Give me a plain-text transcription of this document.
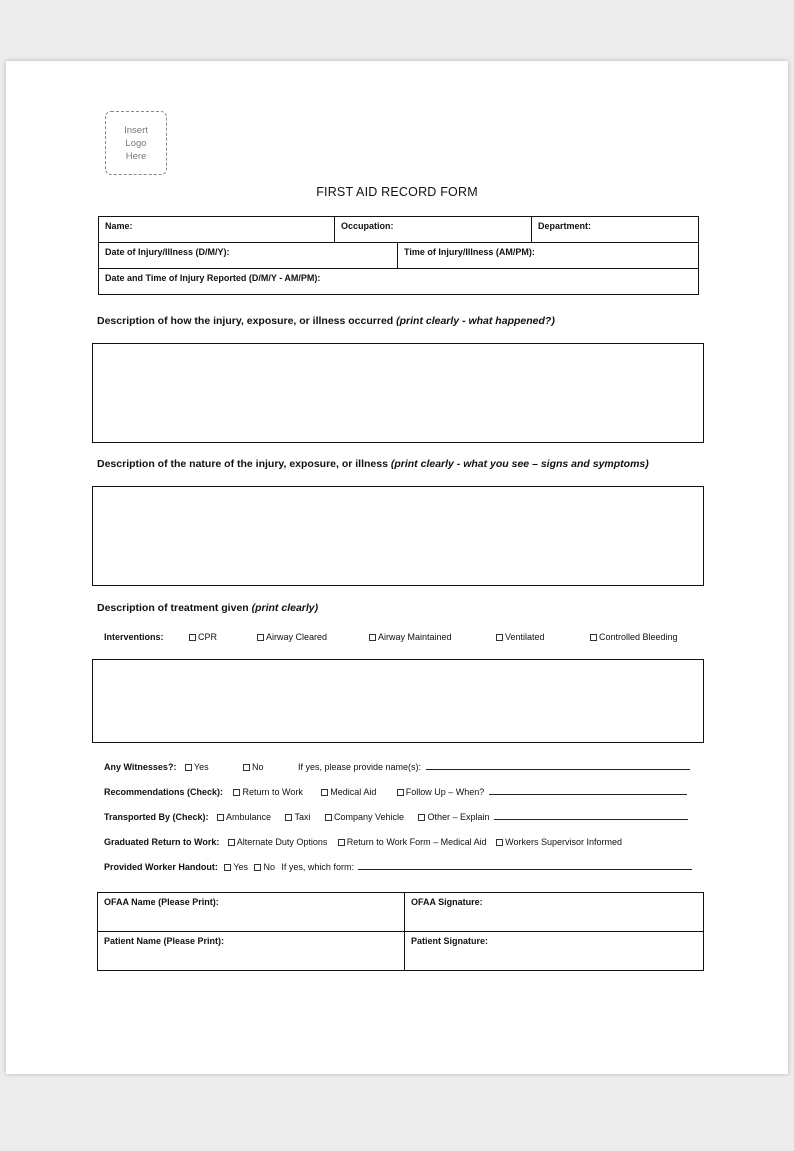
Insert
Logo
Here
FIRST AID RECORD FORM
Name:	Occupation:		Department:
Date of Injury/Illness (D/M/Y):		Time of Injury/Illness (AM/PM):	
Date and Time of Injury Reported (D/M/Y - AM/PM):			
Description of how the injury, exposure, or illness occurred (print clearly - what happened?)
Description of the nature of the injury, exposure, or illness (print clearly - what you see – signs and symptoms)
Description of treatment given (print clearly)
Interventions:	CPR	Airway Cleared	Airway Maintained	Ventilated	Controlled Bleeding
Any Witnesses?: Yes	No	If yes, please provide name(s):
Recommendations (Check): Return to Work	Medical Aid	Follow Up – When?
Transported By (Check): Ambulance	Taxi	Company Vehicle	Other – Explain
Graduated Return to Work: Alternate Duty Options Return to Work Form – Medical Aid Workers Supervisor Informed
Provided Worker Handout: Yes No If yes, which form:
OFAA Name (Please Print):	OFAA Signature:
Patient Name (Please Print):	Patient Signature:
